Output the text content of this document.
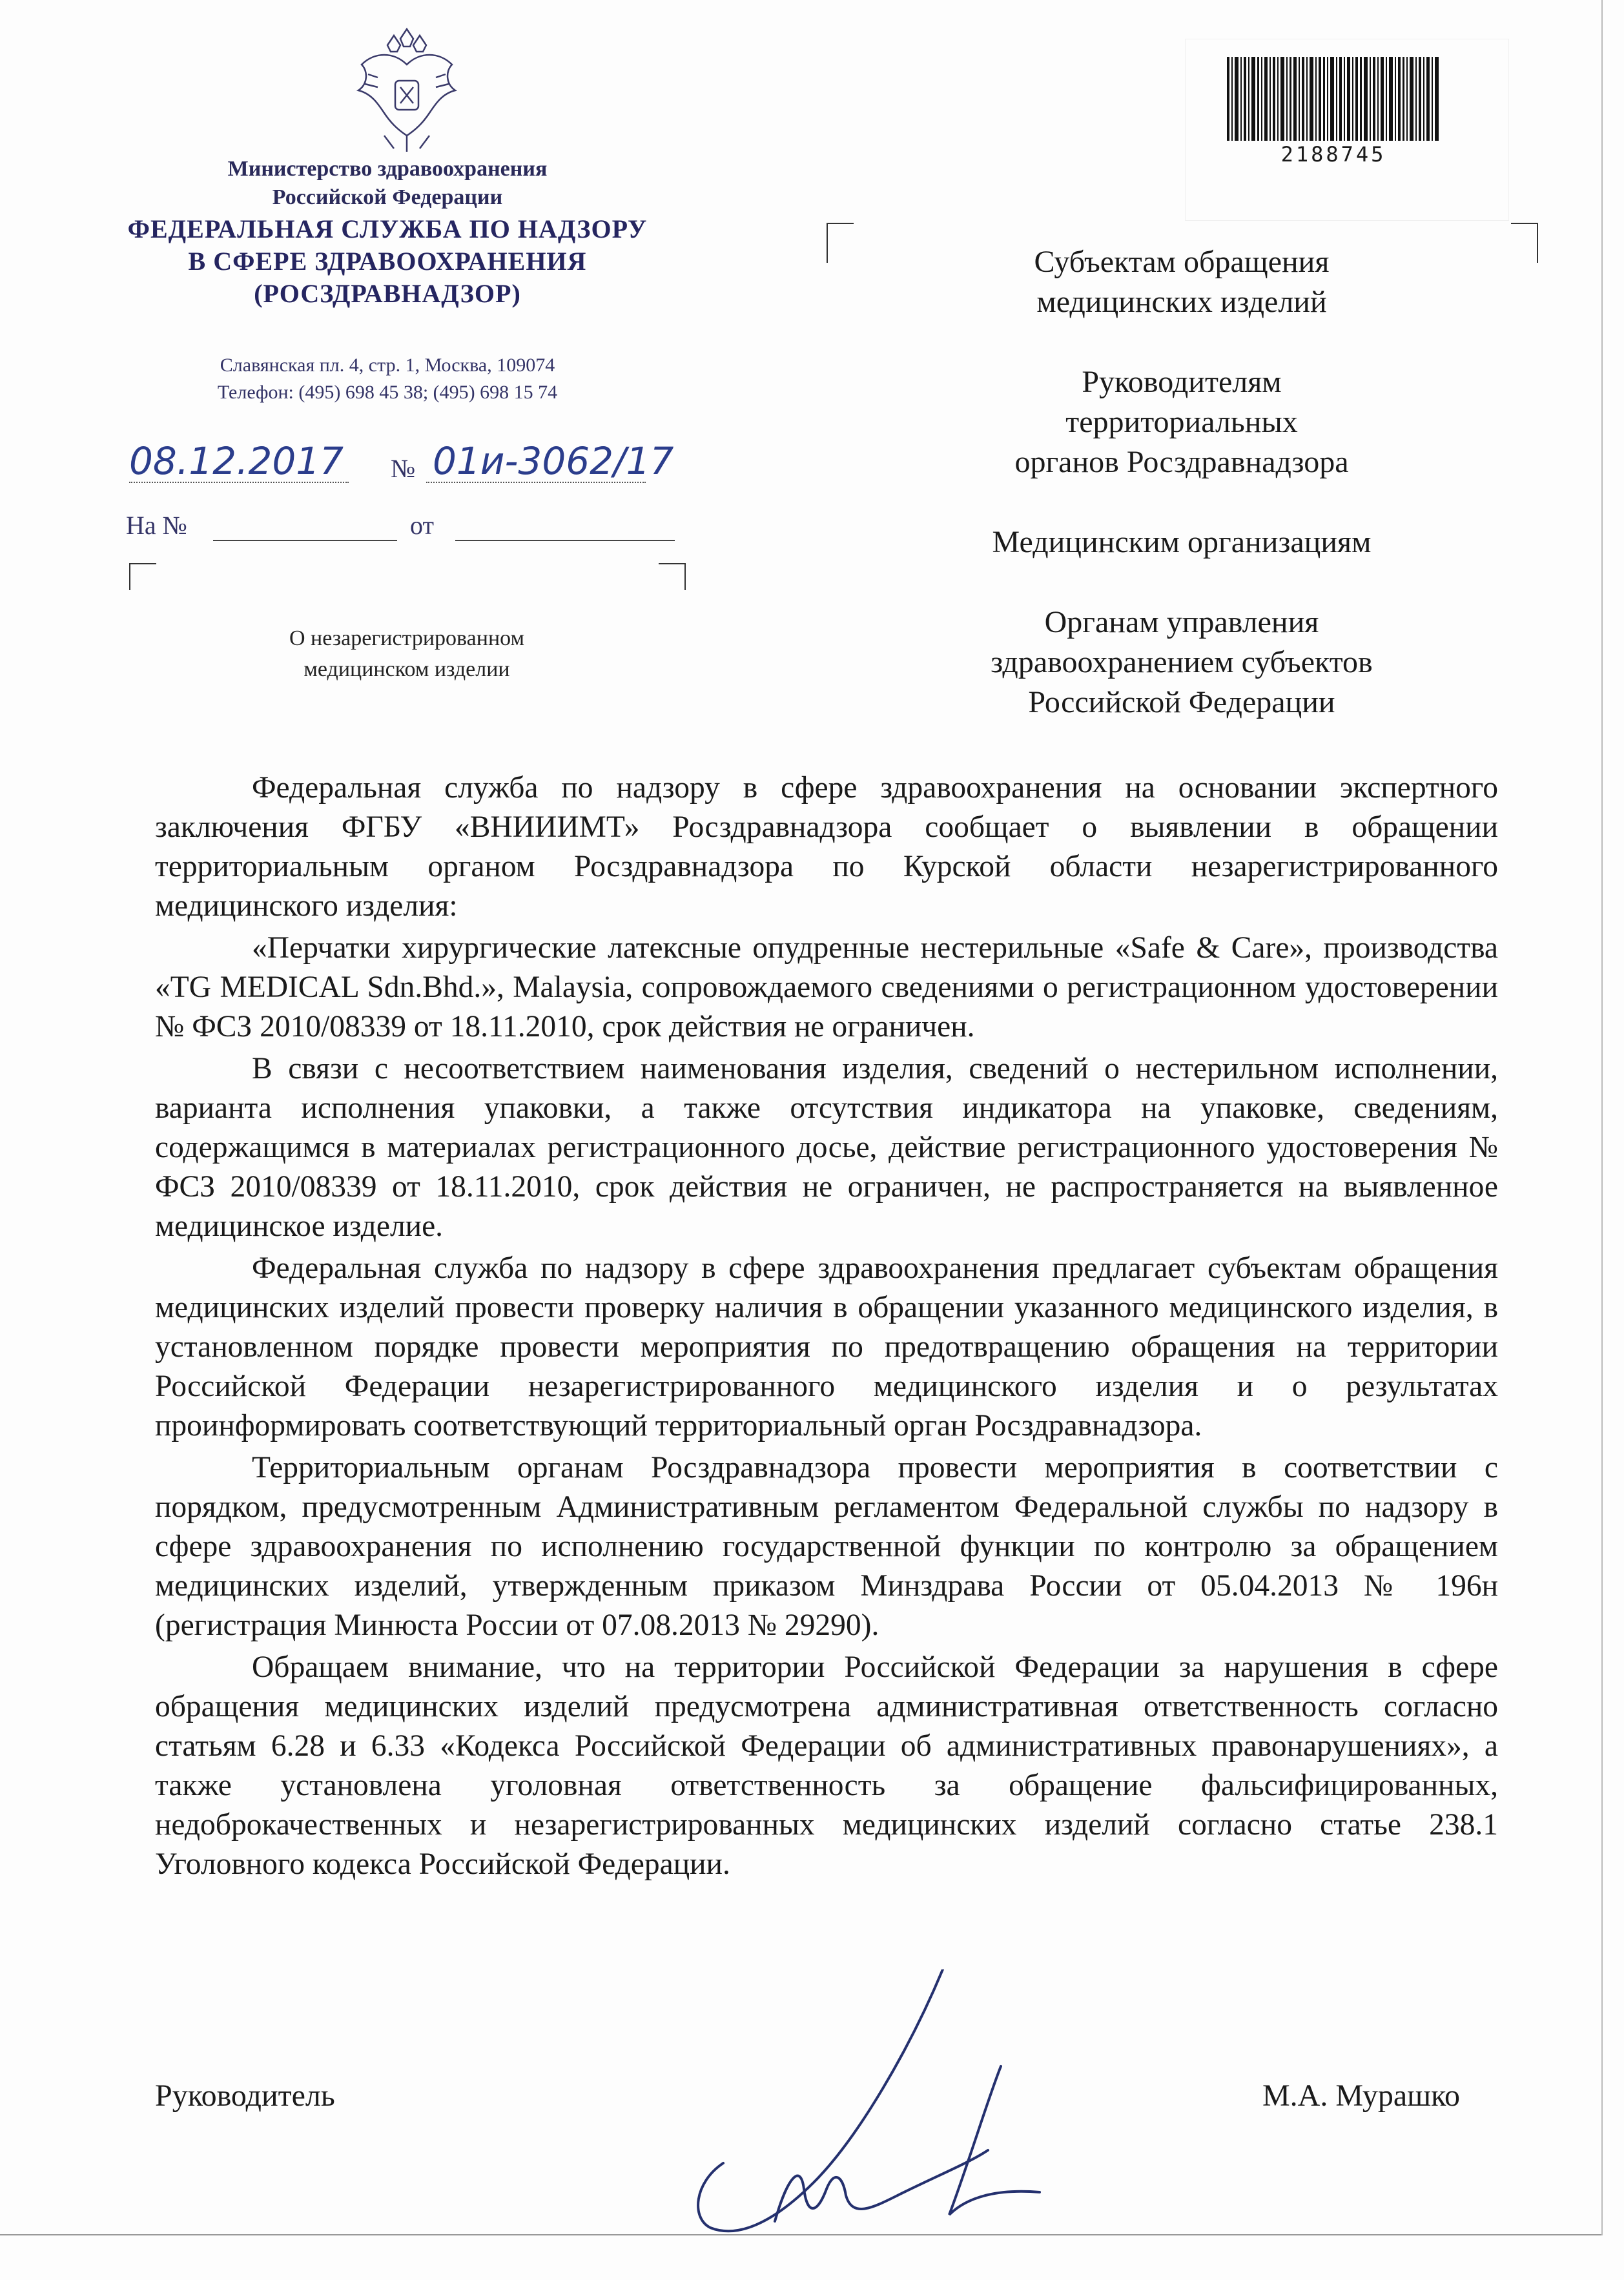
Министерство здравоохранения
Российской Федерации
ФЕДЕРАЛЬНАЯ СЛУЖБА ПО НАДЗОРУ
В СФЕРЕ ЗДРАВООХРАНЕНИЯ
(РОСЗДРАВНАДЗОР)
Славянская пл. 4, стр. 1, Москва, 109074
Телефон: (495) 698 45 38; (495) 698 15 74
08.12.2017 № 01и-3062/17
На №	от
О незарегистрированном
медицинском изделии
2188745
Субъектам обращения
медицинских изделий
Руководителям
территориальных
органов Росздравнадзора
Медицинским организациям
Органам управления
здравоохранением субъектов
Российской Федерации

Федеральная служба по надзору в сфере здравоохранения на основании экспертного заключения ФГБУ «ВНИИИМТ» Росздравнадзора сообщает о выявлении в обращении территориальным органом Росздравнадзора по Курской области незарегистрированного медицинского изделия:

«Перчатки хирургические латексные опудренные нестерильные «Safe & Care», производства «TG MEDICAL Sdn.Bhd.», Malaysia, сопровождаемого сведениями о регистрационном удостоверении № ФСЗ 2010/08339 от 18.11.2010, срок действия не ограничен.

В связи с несоответствием наименования изделия, сведений о нестерильном исполнении, варианта исполнения упаковки, а также отсутствия индикатора на упаковке, сведениям, содержащимся в материалах регистрационного досье, действие регистрационного удостоверения № ФСЗ 2010/08339 от 18.11.2010, срок действия не ограничен, не распространяется на выявленное медицинское изделие.

Федеральная служба по надзору в сфере здравоохранения предлагает субъектам обращения медицинских изделий провести проверку наличия в обращении указанного медицинского изделия, в установленном порядке провести мероприятия по предотвращению обращения на территории Российской Федерации незарегистрированного медицинского изделия и о результатах проинформировать соответствующий территориальный орган Росздравнадзора.

Территориальным органам Росздравнадзора провести мероприятия в соответствии с порядком, предусмотренным Административным регламентом Федеральной службы по надзору в сфере здравоохранения по исполнению государственной функции по контролю за обращением медицинских изделий, утвержденным приказом Минздрава России от 05.04.2013 № 196н (регистрация Минюста России от 07.08.2013 № 29290).

Обращаем внимание, что на территории Российской Федерации за нарушения в сфере обращения медицинских изделий предусмотрена административная ответственность согласно статьям 6.28 и 6.33 «Кодекса Российской Федерации об административных правонарушениях», а также установлена уголовная ответственность за обращение фальсифицированных, недоброкачественных и незарегистрированных медицинских изделий согласно статье 238.1 Уголовного кодекса Российской Федерации.

Руководитель	М.А. Мурашко
